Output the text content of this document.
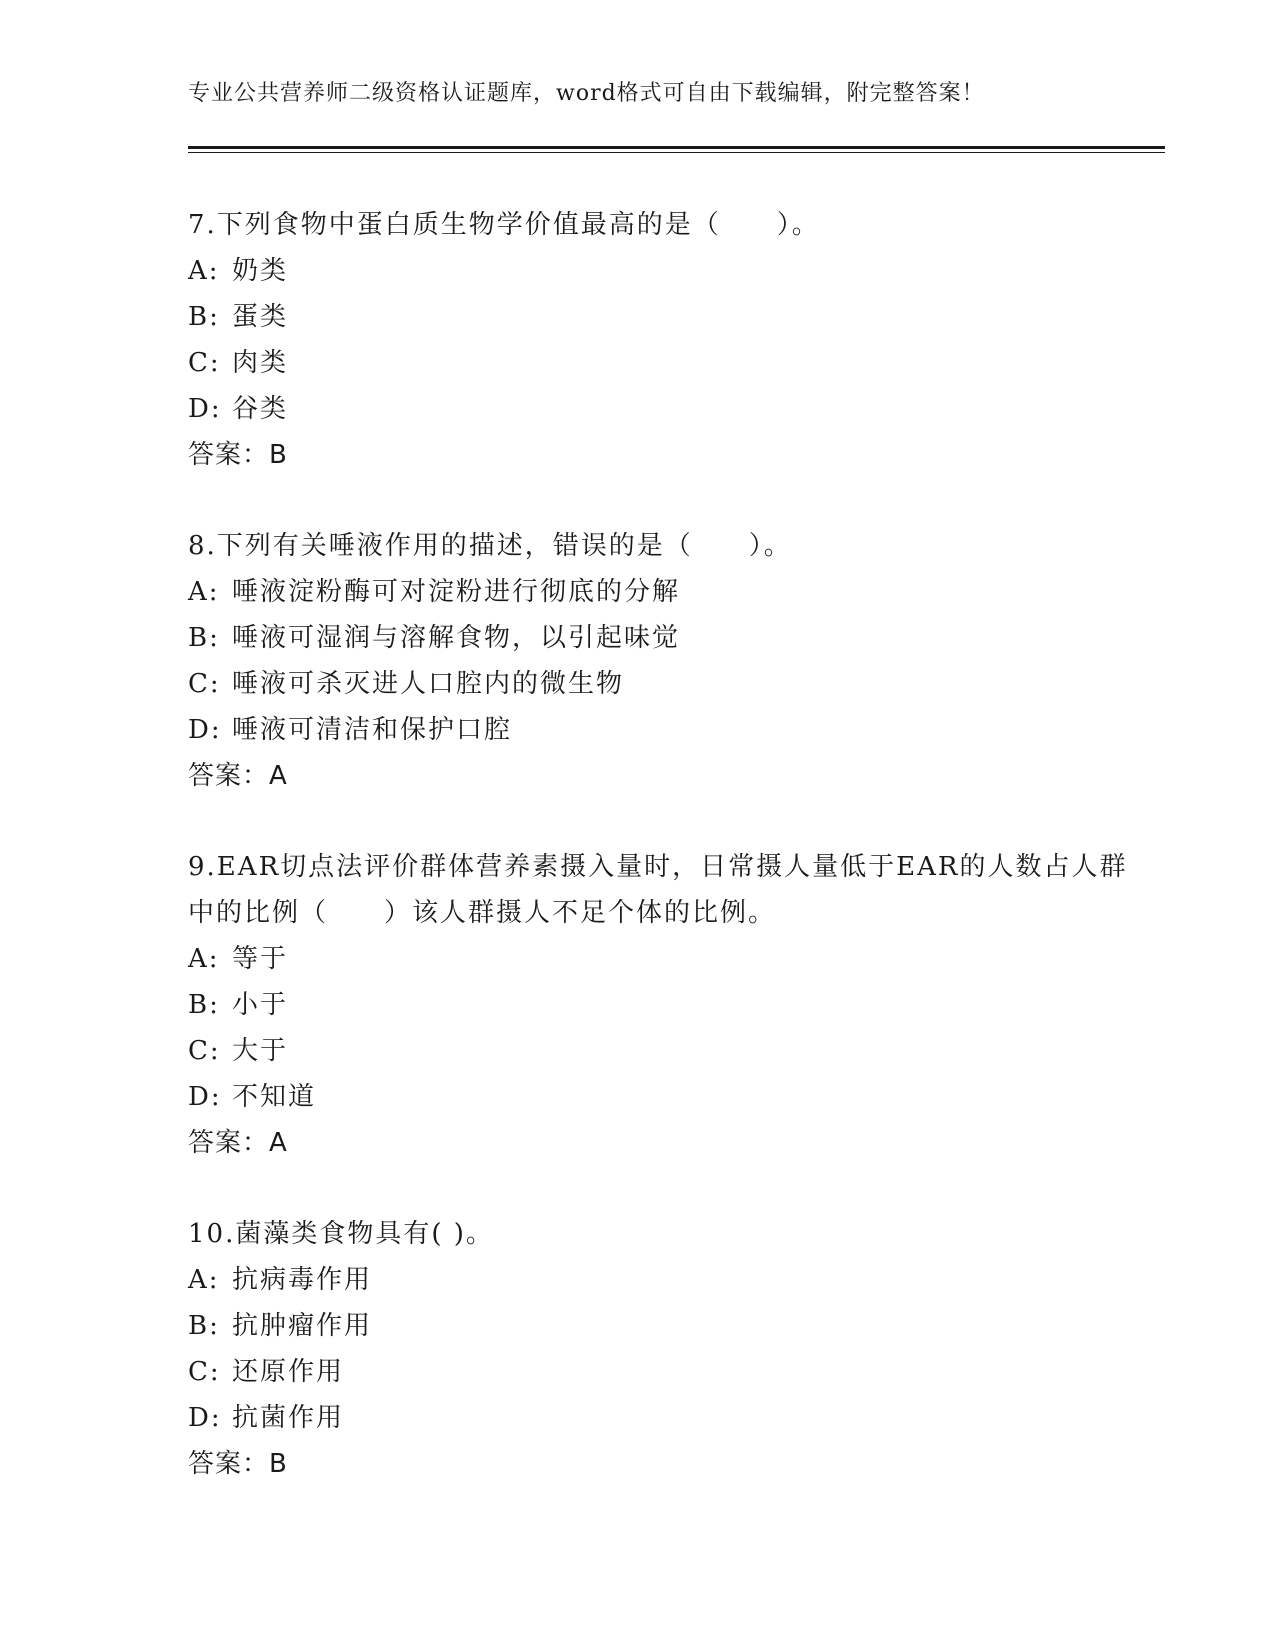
专业公共营养师二级资格认证题库，word格式可自由下载编辑，附完整答案！
7.下列食物中蛋白质生物学价值最高的是（　　）。
A: 奶类
B: 蛋类
C: 肉类
D: 谷类
答案：B
8.下列有关唾液作用的描述，错误的是（　　）。
A: 唾液淀粉酶可对淀粉进行彻底的分解
B: 唾液可湿润与溶解食物，以引起味觉
C: 唾液可杀灭进人口腔内的微生物
D: 唾液可清洁和保护口腔
答案：A
9.EAR切点法评价群体营养素摄入量时，日常摄人量低于EAR的人数占人群中的比例（　　）该人群摄人不足个体的比例。
A: 等于
B: 小于
C: 大于
D: 不知道
答案：A
10.菌藻类食物具有( )。
A: 抗病毒作用
B: 抗肿瘤作用
C: 还原作用
D: 抗菌作用
答案：B
